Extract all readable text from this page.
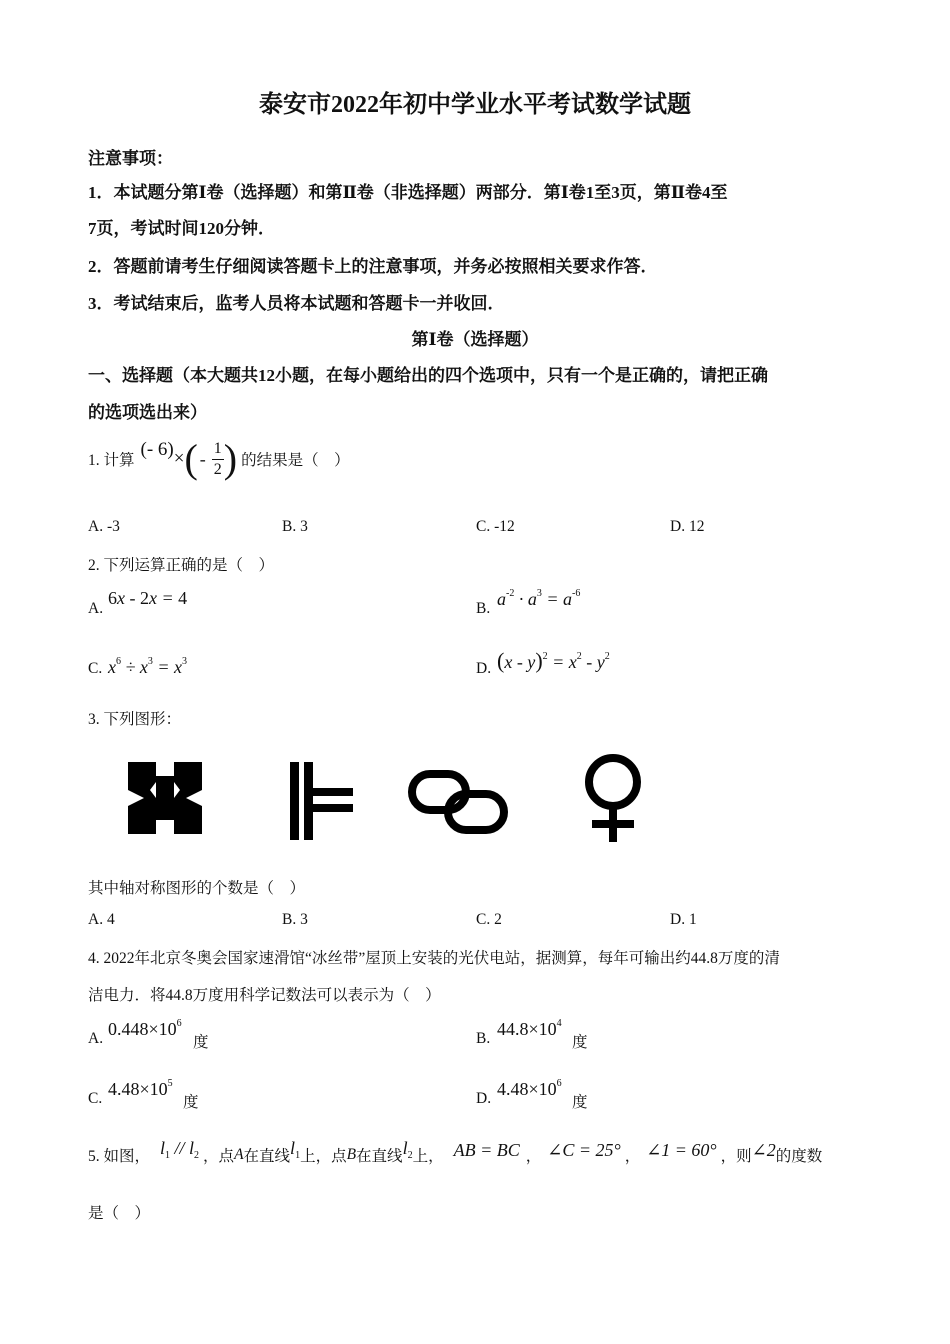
泰安市2022年初中学业水平考试数学试题
注意事项：
1．本试题分第Ⅰ卷（选择题）和第Ⅱ卷（非选择题）两部分．第Ⅰ卷1至3页，第Ⅱ卷4至
7页，考试时间120分钟．
2．答题前请考生仔细阅读答题卡上的注意事项，并务必按照相关要求作答．
3．考试结束后，监考人员将本试题和答题卡一并收回．
第Ⅰ卷（选择题）
一、选择题（本大题共12小题，在每小题给出的四个选项中，只有一个是正确的，请把正确
的选项选出来）
1. 计算
(- 6) × ( - $\frac{1}{2}$ ) 的结果是（　）
A. -3	B. 3	C. -12	D. 12
2. 下列运算正确的是（　）
A.
6x - 2x = 4
B. $a^{-2} \cdot a^3 = a^{-6}$
C. $x^6 \div x^3 = x^3$	D. $(x - y)^2 = x^2 - y^2$
3. 下列图形：
其中轴对称图形的个数是（　）
A. 4	B. 3	C. 2	D. 1
4. 2022年北京冬奥会国家速滑馆“冰丝带”屋顶上安装的光伏电站，据测算，每年可输出约44.8万度的清
洁电力．将44.8万度用科学记数法可以表示为（　）
A. $0.448\times 10^6$
度	B. $44.8\times 10^4$
度
C. $4.48\times 10^5$
度	D. $4.48\times 10^6$
度
5. 如图， $l_1 // l_2$ ，点 A 在直线 $l_1$ 上，点 B 在直线 $l_2$ 上， AB = BC ， ∠C = 25° ， ∠1 = 60° ，则 ∠2 的度数
是（　）
